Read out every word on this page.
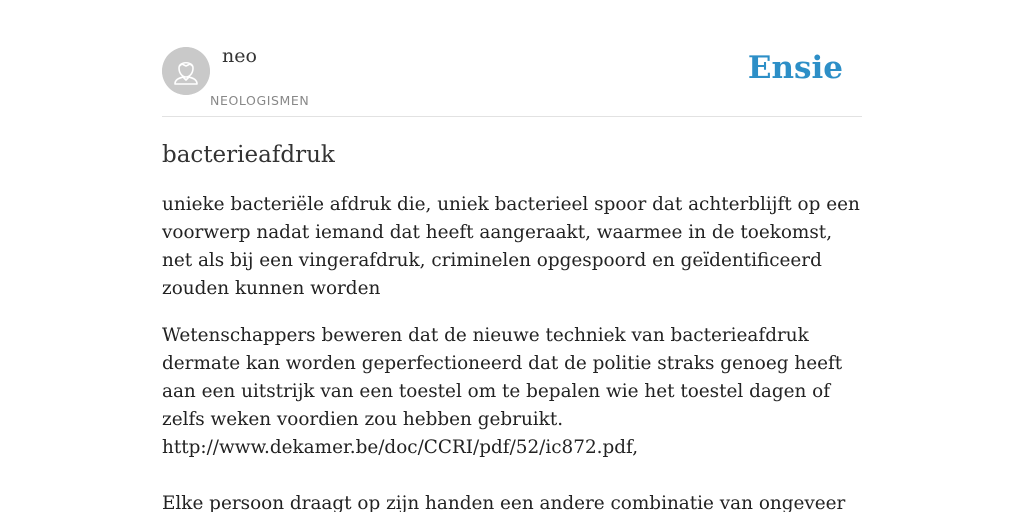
neo
NEOLOGISMEN
Ensie
bacterieafdruk

unieke bacteriële afdruk die, uniek bacterieel spoor dat achterblijft op een voorwerp nadat iemand dat heeft aangeraakt, waarmee in de toekomst, net als bij een vingerafdruk, criminelen opgespoord en geïdentificeerd zouden kunnen worden

Wetenschappers beweren dat de nieuwe techniek van bacterieafdruk dermate kan worden geperfectioneerd dat de politie straks genoeg heeft aan een uitstrijk van een toestel om te bepalen wie het toestel dagen of zelfs weken voordien zou hebben gebruikt.
http://www.dekamer.be/doc/CCRI/pdf/52/ic872.pdf,
Elke persoon draagt op zijn handen een andere combinatie van ongeveer
